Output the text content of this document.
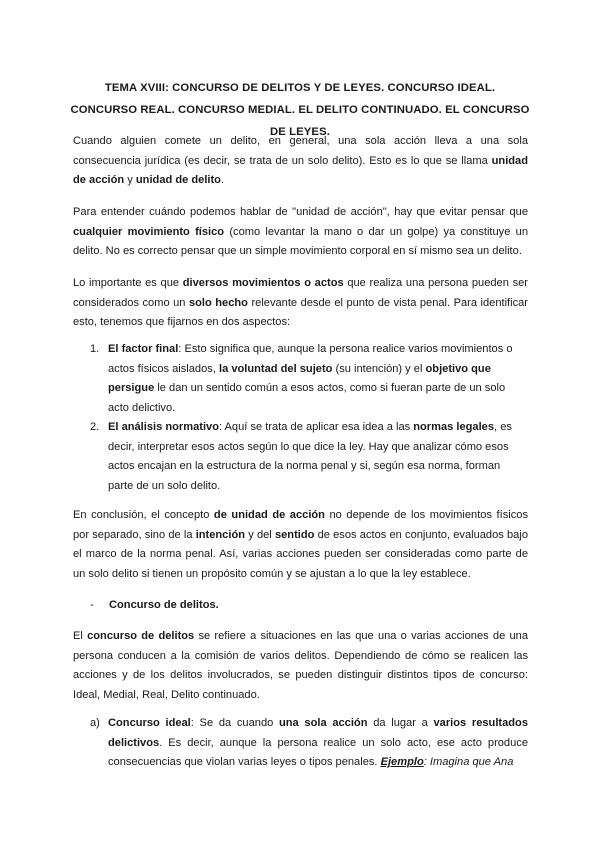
TEMA XVIII: CONCURSO DE DELITOS Y DE LEYES. CONCURSO IDEAL. CONCURSO REAL. CONCURSO MEDIAL. EL DELITO CONTINUADO. EL CONCURSO DE LEYES.

Cuando alguien comete un delito, en general, una sola acción lleva a una sola consecuencia jurídica (es decir, se trata de un solo delito). Esto es lo que se llama unidad de acción y unidad de delito.

Para entender cuándo podemos hablar de "unidad de acción", hay que evitar pensar que cualquier movimiento físico (como levantar la mano o dar un golpe) ya constituye un delito. No es correcto pensar que un simple movimiento corporal en sí mismo sea un delito.

Lo importante es que diversos movimientos o actos que realiza una persona pueden ser considerados como un solo hecho relevante desde el punto de vista penal. Para identificar esto, tenemos que fijarnos en dos aspectos:

1. El factor final: Esto significa que, aunque la persona realice varios movimientos o actos físicos aislados, la voluntad del sujeto (su intención) y el objetivo que persigue le dan un sentido común a esos actos, como si fueran parte de un solo acto delictivo.
2. El análisis normativo: Aquí se trata de aplicar esa idea a las normas legales, es decir, interpretar esos actos según lo que dice la ley. Hay que analizar cómo esos actos encajan en la estructura de la norma penal y si, según esa norma, forman parte de un solo delito.

En conclusión, el concepto de unidad de acción no depende de los movimientos físicos por separado, sino de la intención y del sentido de esos actos en conjunto, evaluados bajo el marco de la norma penal. Así, varias acciones pueden ser consideradas como parte de un solo delito si tienen un propósito común y se ajustan a lo que la ley establece.

- Concurso de delitos.

El concurso de delitos se refiere a situaciones en las que una o varias acciones de una persona conducen a la comisión de varios delitos. Dependiendo de cómo se realicen las acciones y de los delitos involucrados, se pueden distinguir distintos tipos de concurso: Ideal, Medial, Real, Delito continuado.

a) Concurso ideal: Se da cuando una sola acción da lugar a varios resultados delictivos. Es decir, aunque la persona realice un solo acto, ese acto produce consecuencias que violan varias leyes o tipos penales. Ejemplo: Imagina que Ana
